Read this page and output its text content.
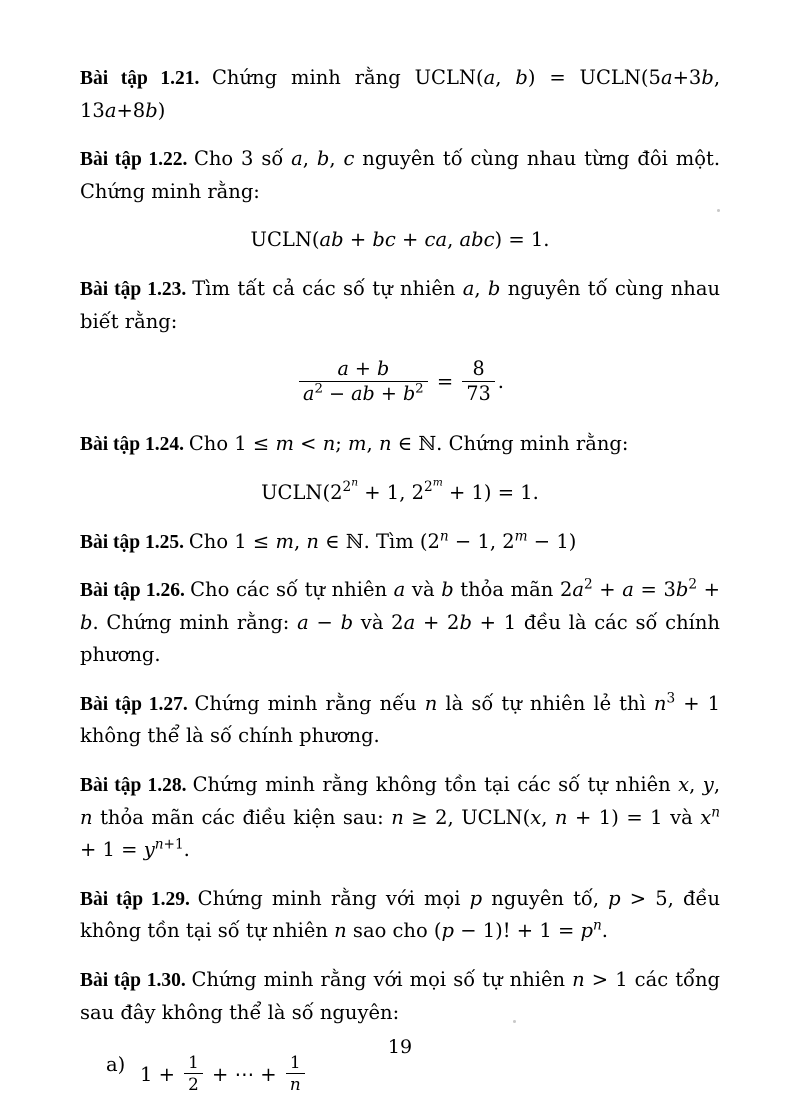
Bài tập 1.21. Chứng minh rằng UCLN(a, b) = UCLN(5a+3b, 13a+8b)

Bài tập 1.22. Cho 3 số a, b, c nguyên tố cùng nhau từng đôi một. Chứng minh rằng:

UCLN(ab + bc + ca, abc) = 1.

Bài tập 1.23. Tìm tất cả các số tự nhiên a, b nguyên tố cùng nhau biết rằng:

$\frac{a + b}{a^2 - ab + b^2} = \frac{8}{73}$ .

Bài tập 1.24. Cho 1 ≤ m < n; m, n ∈ ℕ. Chứng minh rằng:

$UCLN(2^{2^n} + 1$, $2^{2^m} + 1) = 1$.

Bài tập 1.25. Cho 1 ≤ m, n ∈ ℕ. Tìm ($2^n - 1$, $2^m - 1$)

Bài tập 1.26. Cho các số tự nhiên a và b thỏa mãn $2a^2 + a = 3b^2 + b$. Chứng minh rằng: a − b và 2a + 2b + 1 đều là các số chính phương.

Bài tập 1.27. Chứng minh rằng nếu n là số tự nhiên lẻ thì $n^3 + 1$ không thể là số chính phương.

Bài tập 1.28. Chứng minh rằng không tồn tại các số tự nhiên x, y, n thỏa mãn các điều kiện sau: n ≥ 2, UCLN(x, n + 1) = 1 và $x^n + 1 = y^{n+1}$.

Bài tập 1.29. Chứng minh rằng với mọi p nguyên tố, p > 5, đều không tồn tại số tự nhiên n sao cho (p − 1)! + $1 = p^n$.

Bài tập 1.30. Chứng minh rằng với mọi số tự nhiên n > 1 các tổng sau đây không thể là số nguyên:

a) $1 + \frac{1}{2}$ + ⋯ + $\frac{1}{n}$
19
